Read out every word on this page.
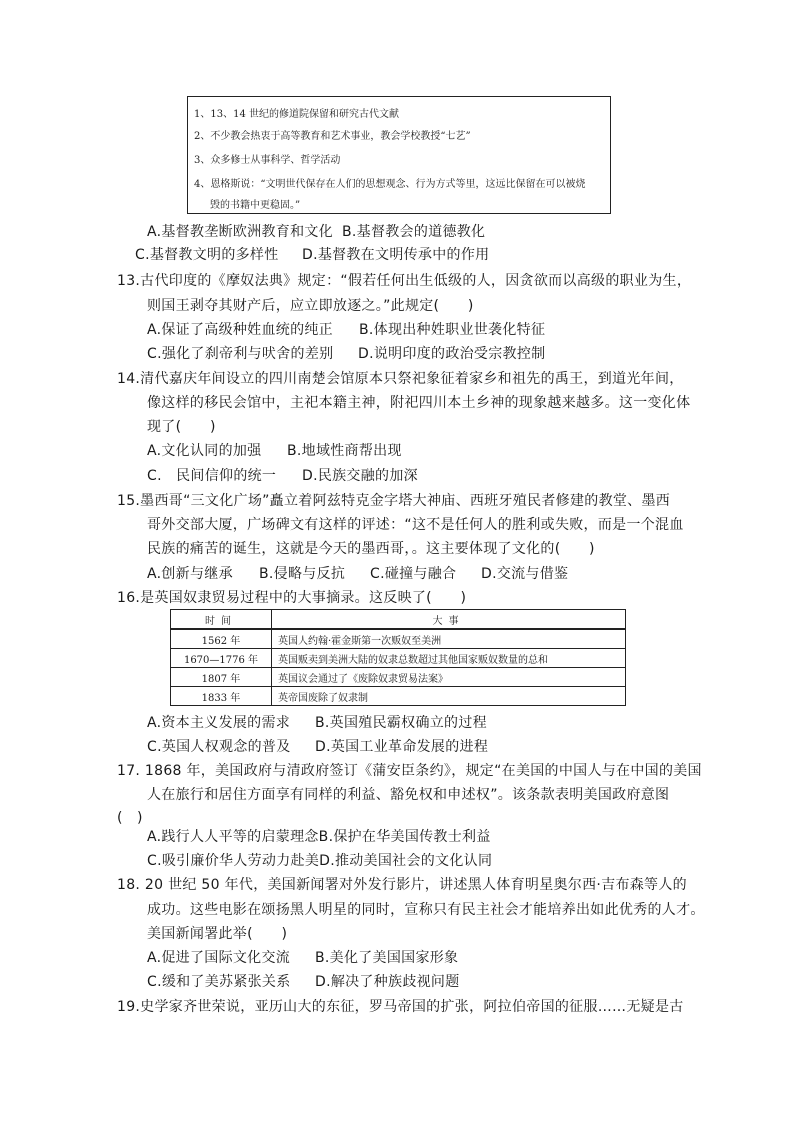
1、13、14 世纪的修道院保留和研究古代文献
2、不少教会热衷于高等教育和艺术事业，教会学校教授“七艺”
3、众多修士从事科学、哲学活动
4、恩格斯说：“文明世代保存在人们的思想观念、行为方式等里，这远比保留在可以被烧
毁的书籍中更稳固。”
A.基督教垄断欧洲教育和文化 B.基督教会的道德教化
C.基督教文明的多样性 D.基督教在文明传承中的作用
13.古代印度的《摩奴法典》规定：“假若任何出生低级的人，因贪欲而以高级的职业为生，
则国王剥夺其财产后，应立即放逐之。”此规定(　　)
A.保证了高级种姓血统的纯正 B.体现出种姓职业世袭化特征
C.强化了刹帝利与吠舍的差别 D.说明印度的政治受宗教控制
14.清代嘉庆年间设立的四川南楚会馆原本只祭祀象征着家乡和祖先的禹王，到道光年间，
像这样的移民会馆中，主祀本籍主神，附祀四川本土乡神的现象越来越多。这一变化体
现了(　　)
A.文化认同的加强 B.地域性商帮出现
C.　民间信仰的统一 D.民族交融的加深
15.墨西哥“三文化广场”矗立着阿兹特克金字塔大神庙、西班牙殖民者修建的教堂、墨西
哥外交部大厦，广场碑文有这样的评述：“这不是任何人的胜利或失败，而是一个混血
民族的痛苦的诞生，这就是今天的墨西哥，。这主要体现了文化的(　　)
A.创新与继承 B.侵略与反抗 C.碰撞与融合 D.交流与借鉴
16.是英国奴隶贸易过程中的大事摘录。这反映了(　　)
时间	大事
1562 年	英国人约翰·霍金斯第一次贩奴至美洲
1670—1776 年	英国贩卖到美洲大陆的奴隶总数超过其他国家贩奴数量的总和
1807 年	英国议会通过了《废除奴隶贸易法案》
1833 年	英帝国废除了奴隶制
A.资本主义发展的需求 B.英国殖民霸权确立的过程
C.英国人权观念的普及 D.英国工业革命发展的进程
17. 1868 年，美国政府与清政府签订《蒲安臣条约》，规定“在美国的中国人与在中国的美国
人在旅行和居住方面享有同样的利益、豁免权和申述权”。该条款表明美国政府意图
(　)
A.践行人人平等的启蒙理念B.保护在华美国传教士利益
C.吸引廉价华人劳动力赴美D.推动美国社会的文化认同
18. 20 世纪 50 年代，美国新闻署对外发行影片，讲述黑人体育明星奥尔西·吉布森等人的
成功。这些电影在颂扬黑人明星的同时，宣称只有民主社会才能培养出如此优秀的人才。
美国新闻署此举(　　)
A.促进了国际文化交流 B.美化了美国国家形象
C.缓和了美苏紧张关系 D.解决了种族歧视问题
19.史学家齐世荣说，亚历山大的东征，罗马帝国的扩张，阿拉伯帝国的征服……无疑是古
